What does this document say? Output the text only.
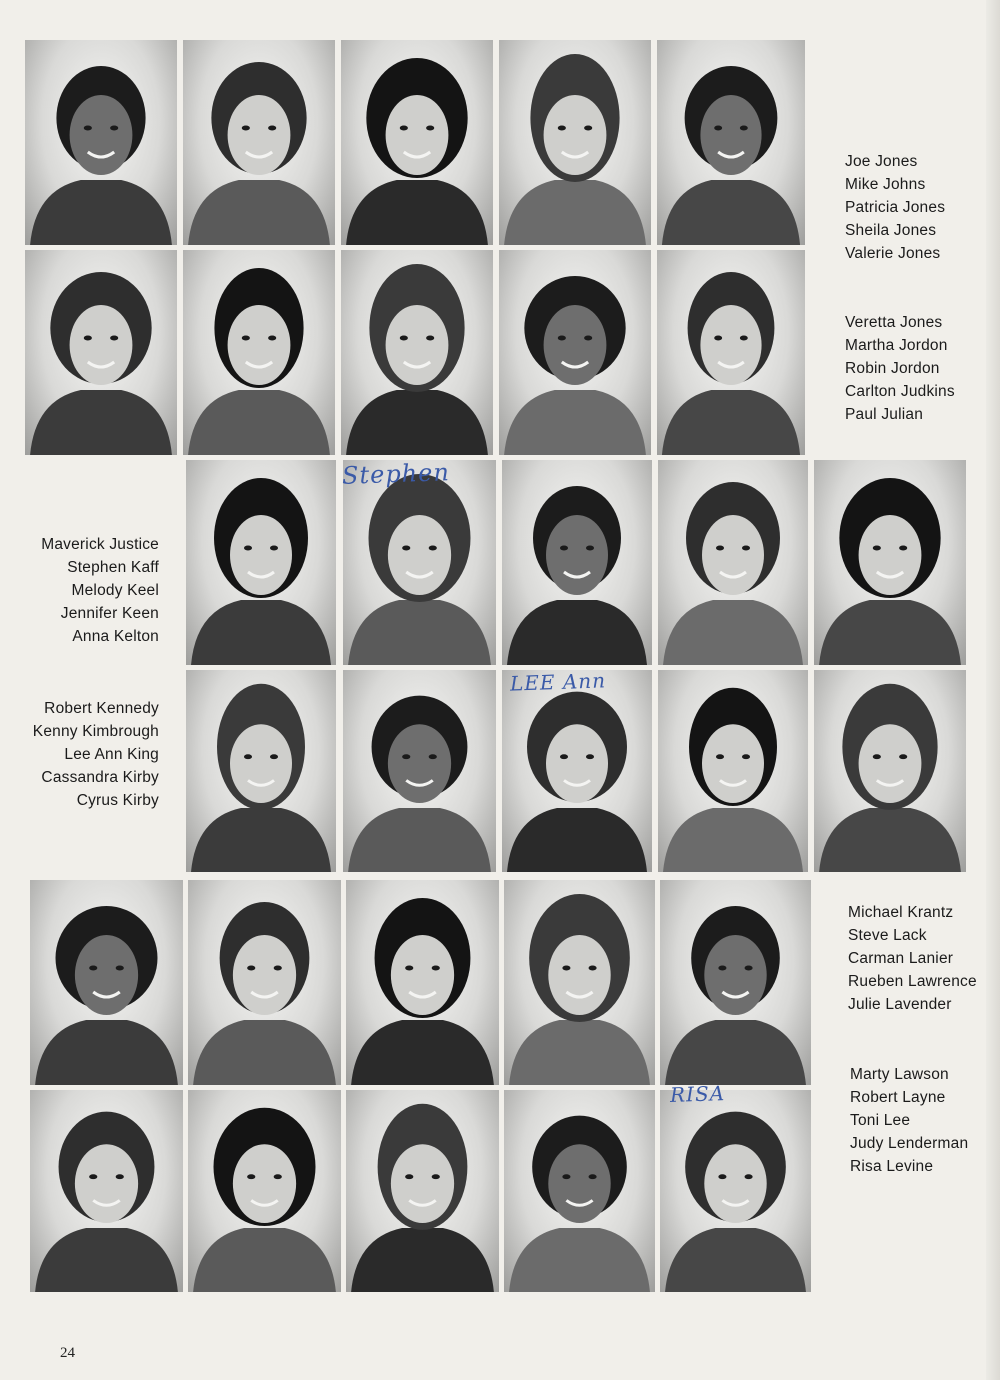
Joe Jones
Mike Johns
Patricia Jones
Sheila Jones
Valerie Jones
Veretta Jones
Martha Jordon
Robin Jordon
Carlton Judkins
Paul Julian
Maverick Justice
Stephen Kaff
Melody Keel
Jennifer Keen
Anna Kelton
Robert Kennedy
Kenny Kimbrough
Lee Ann King
Cassandra Kirby
Cyrus Kirby
Michael Krantz
Steve Lack
Carman Lanier
Rueben Lawrence
Julie Lavender
Marty Lawson
Robert Layne
Toni Lee
Judy Lenderman
Risa Levine
Stephen
LEE Ann
RISA
24
